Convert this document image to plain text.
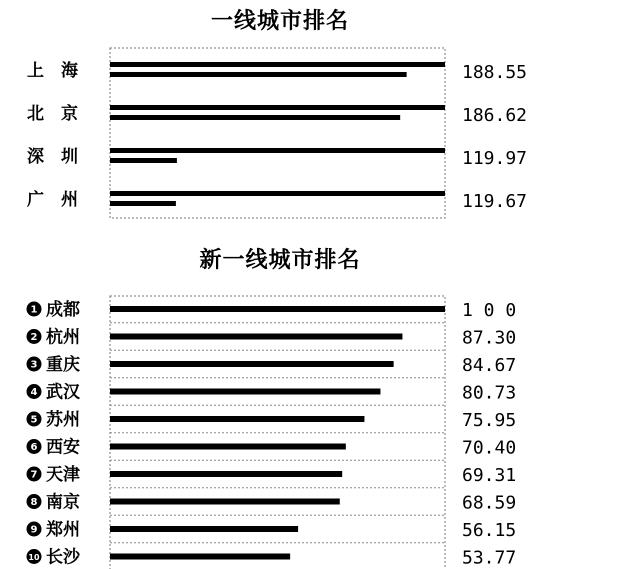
一线城市排名
新一线城市排名
上　海	188.55
北　京	186.62
深　圳	119.97
广　州	119.67
1 成都	1 0 0
2 杭州	87.30
3 重庆	84.67
4 武汉	80.73
5 苏州	75.95
6 西安	70.40
7 天津	69.31
8 南京	68.59
9 郑州	56.15
10 长沙	53.77
